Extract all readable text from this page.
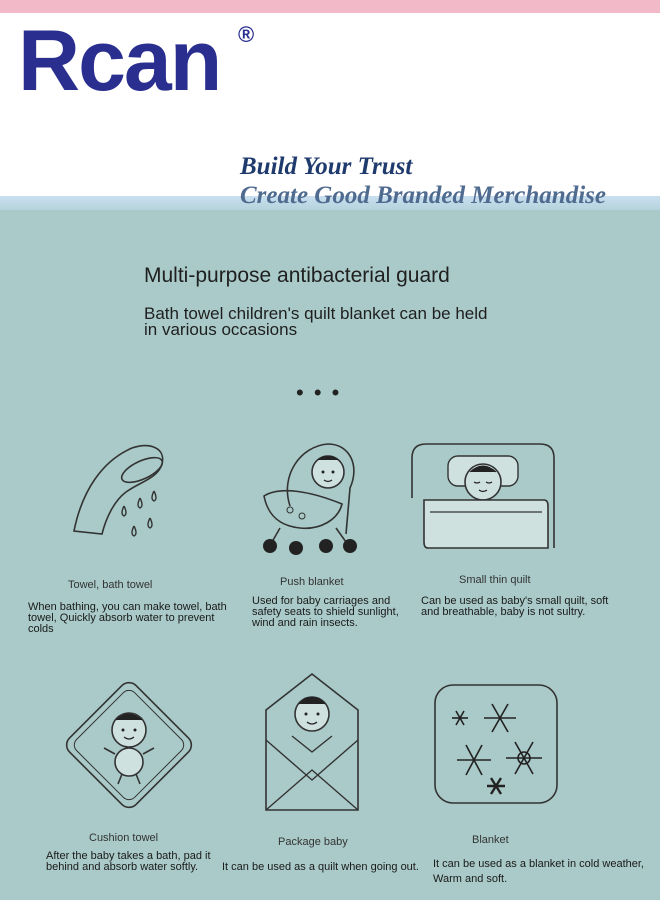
Rcan ®
Build Your Trust
Create Good Branded Merchandise
Multi-purpose antibacterial guard
Bath towel children's quilt blanket can be held in various occasions
• • •
Towel, bath towel
When bathing, you can make towel, bath towel, Quickly absorb water to prevent colds
Push blanket
Used for baby carriages and safety seats to shield sunlight, wind and rain insects.
Small thin quilt
Can be used as baby's small quilt, soft and breathable, baby is not sultry.
Cushion towel
After the baby takes a bath, pad it behind and absorb water softly.
Package baby
It can be used as a quilt when going out.
Blanket
It can be used as a blanket in cold weather, Warm and soft.
